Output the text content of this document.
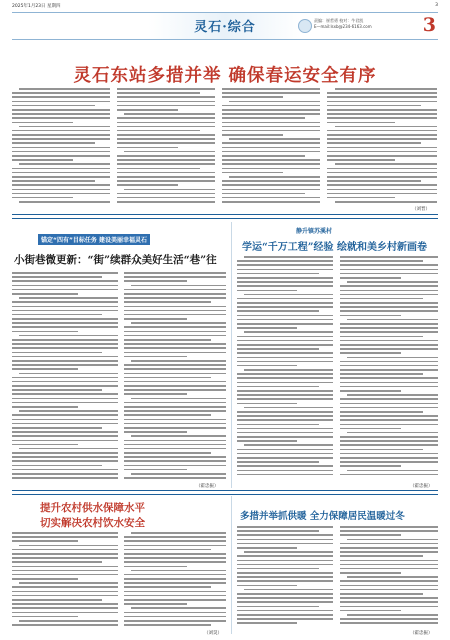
2025年1月23日 星期四	3
灵石·综合	责编：崔哲勇 校对：牛君凯
E—mail:lsxb@234-6163.com	3
灵石东站多措并举 确保春运安全有序
（刘晋）
锚定“四有”目标任务 建设美丽幸福灵石
小街巷微更新：“街”续群众美好生活“巷”往
（霍忠振）
静升镇苏溪村
学运“千万工程”经验 绘就和美乡村新画卷
（霍忠振）
提升农村供水保障水平
切实解决农村饮水安全
（刘昊）
多措并举抓供暖 全力保障居民温暖过冬
（霍忠振）
